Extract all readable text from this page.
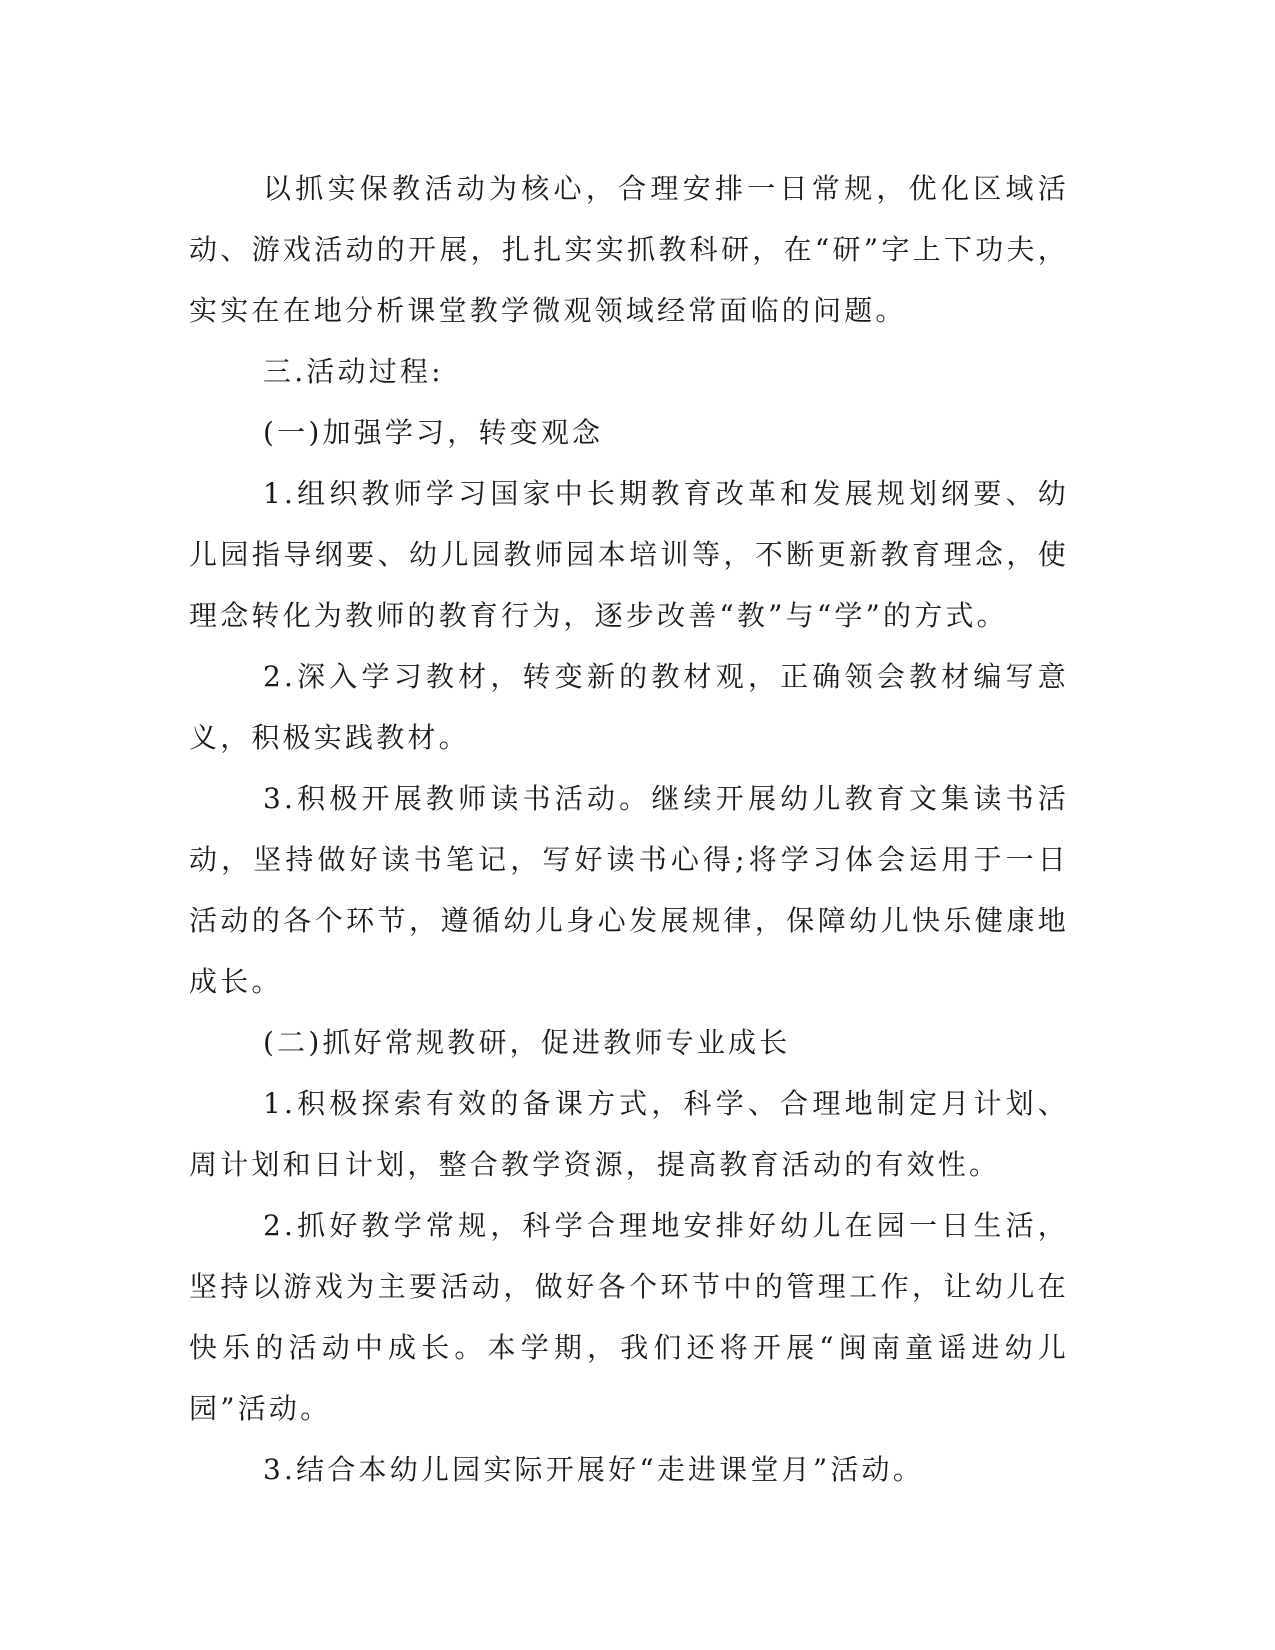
以抓实保教活动为核心，合理安排一日常规，优化区域活动、游戏活动的开展，扎扎实实抓教科研，在“研”字上下功夫，实实在在地分析课堂教学微观领域经常面临的问题。

三.活动过程:

(一)加强学习，转变观念

1.组织教师学习国家中长期教育改革和发展规划纲要、幼儿园指导纲要、幼儿园教师园本培训等，不断更新教育理念，使理念转化为教师的教育行为，逐步改善“教”与“学”的方式。

2.深入学习教材，转变新的教材观，正确领会教材编写意义，积极实践教材。

3.积极开展教师读书活动。继续开展幼儿教育文集读书活动，坚持做好读书笔记，写好读书心得;将学习体会运用于一日活动的各个环节，遵循幼儿身心发展规律，保障幼儿快乐健康地成长。

(二)抓好常规教研，促进教师专业成长

1.积极探索有效的备课方式，科学、合理地制定月计划、周计划和日计划，整合教学资源，提高教育活动的有效性。

2.抓好教学常规，科学合理地安排好幼儿在园一日生活，坚持以游戏为主要活动，做好各个环节中的管理工作，让幼儿在快乐的活动中成长。本学期，我们还将开展“闽南童谣进幼儿园”活动。

3.结合本幼儿园实际开展好“走进课堂月”活动。
